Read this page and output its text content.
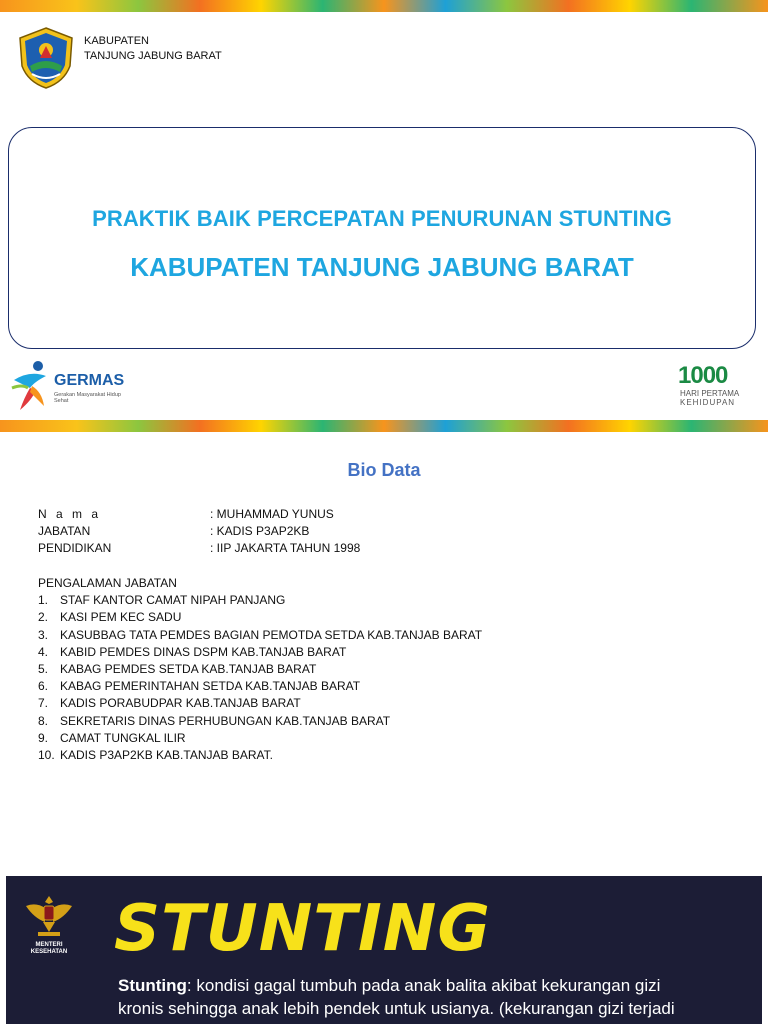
KABUPATEN
TANJUNG JABUNG BARAT
PRAKTIK BAIK PERCEPATAN PENURUNAN STUNTING
KABUPATEN TANJUNG JABUNG BARAT
GERMAS
Gerakan Masyarakat Hidup Sehat
1000
HARI PERTAMA
KEHIDUPAN
Bio Data
N a m a	: MUHAMMAD YUNUS
JABATAN	: KADIS P3AP2KB
PENDIDIKAN	: IIP JAKARTA TAHUN 1998
PENGALAMAN JABATAN
1. STAF KANTOR CAMAT NIPAH PANJANG
2. KASI PEM KEC SADU
3. KASUBBAG TATA PEMDES BAGIAN PEMOTDA SETDA KAB.TANJAB BARAT
4. KABID PEMDES DINAS DSPM KAB.TANJAB BARAT
5. KABAG PEMDES SETDA KAB.TANJAB BARAT
6. KABAG PEMERINTAHAN SETDA KAB.TANJAB BARAT
7. KADIS PORABUDPAR KAB.TANJAB BARAT
8. SEKRETARIS DINAS PERHUBUNGAN KAB.TANJAB BARAT
9. CAMAT TUNGKAL ILIR
10. KADIS P3AP2KB KAB.TANJAB BARAT.
MENTERI
KESEHATAN STUNTING
Stunting: kondisi gagal tumbuh pada anak balita akibat kekurangan gizi
kronis sehingga anak lebih pendek untuk usianya. (kekurangan gizi terjadi
